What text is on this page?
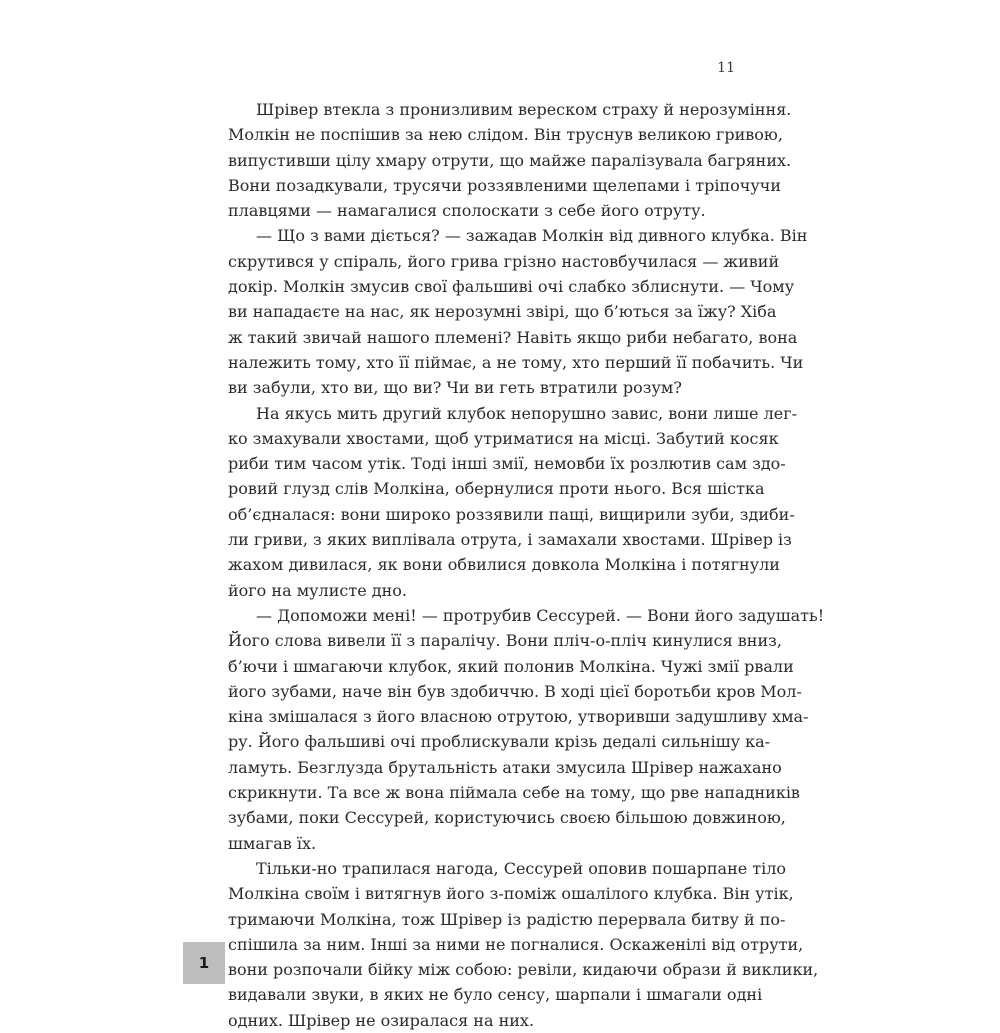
11
Шрівер втекла з пронизливим вереском страху й нерозуміння.
Молкін не поспішив за нею слідом. Він труснув великою гривою,
випустивши цілу хмару отрути, що майже паралізувала багряних.
Вони позадкували, трусячи роззявленими щелепами і тріпочучи
плавцями — намагалися сполоскати з себе його отруту.
— Що з вами діється? — зажадав Молкін від дивного клубка. Він
скрутився у спіраль, його грива грізно настовбучилася — живий
докір. Молкін змусив свої фальшиві очі слабко зблиснути. — Чому
ви нападаєте на нас, як нерозумні звірі, що б’ються за їжу? Хіба
ж такий звичай нашого племені? Навіть якщо риби небагато, вона
належить тому, хто її піймає, а не тому, хто перший її побачить. Чи
ви забули, хто ви, що ви? Чи ви геть втратили розум?
На якусь мить другий клубок непорушно завис, вони лише лег-
ко змахували хвостами, щоб утриматися на місці. Забутий косяк
риби тим часом утік. Тоді інші змії, немовби їх розлютив сам здо-
ровий глузд слів Молкіна, обернулися проти нього. Вся шістка
об’єдналася: вони широко роззявили пащі, вищирили зуби, здиби-
ли гриви, з яких виплівала отрута, і замахали хвостами. Шрівер із
жахом дивилася, як вони обвилися довкола Молкіна і потягнули
його на мулисте дно.
— Допоможи мені! — протрубив Сессурей. — Вони його задушать!
Його слова вивели її з паралічу. Вони пліч-о-пліч кинулися вниз,
б’ючи і шмагаючи клубок, який полонив Молкіна. Чужі змії рвали
його зубами, наче він був здобиччю. В ході цієї боротьби кров Мол-
кіна змішалася з його власною отрутою, утворивши задушливу хма-
ру. Його фальшиві очі проблискували крізь дедалі сильнішу ка-
ламуть. Безглузда брутальність атаки змусила Шрівер нажахано
скрикнути. Та все ж вона піймала себе на тому, що рве нападників
зубами, поки Сессурей, користуючись своєю більшою довжиною,
шмагав їх.
Тільки-но трапилася нагода, Сессурей оповив пошарпане тіло
Молкіна своїм і витягнув його з-поміж ошалілого клубка. Він утік,
тримаючи Молкіна, тож Шрівер із радістю перервала битву й по-
спішила за ним. Інші за ними не погналися. Оскаженілі від отрути,
вони розпочали бійку між собою: ревіли, кидаючи образи й виклики,
видавали звуки, в яких не було сенсу, шарпали і шмагали одні
одних. Шрівер не озиралася на них.
1
